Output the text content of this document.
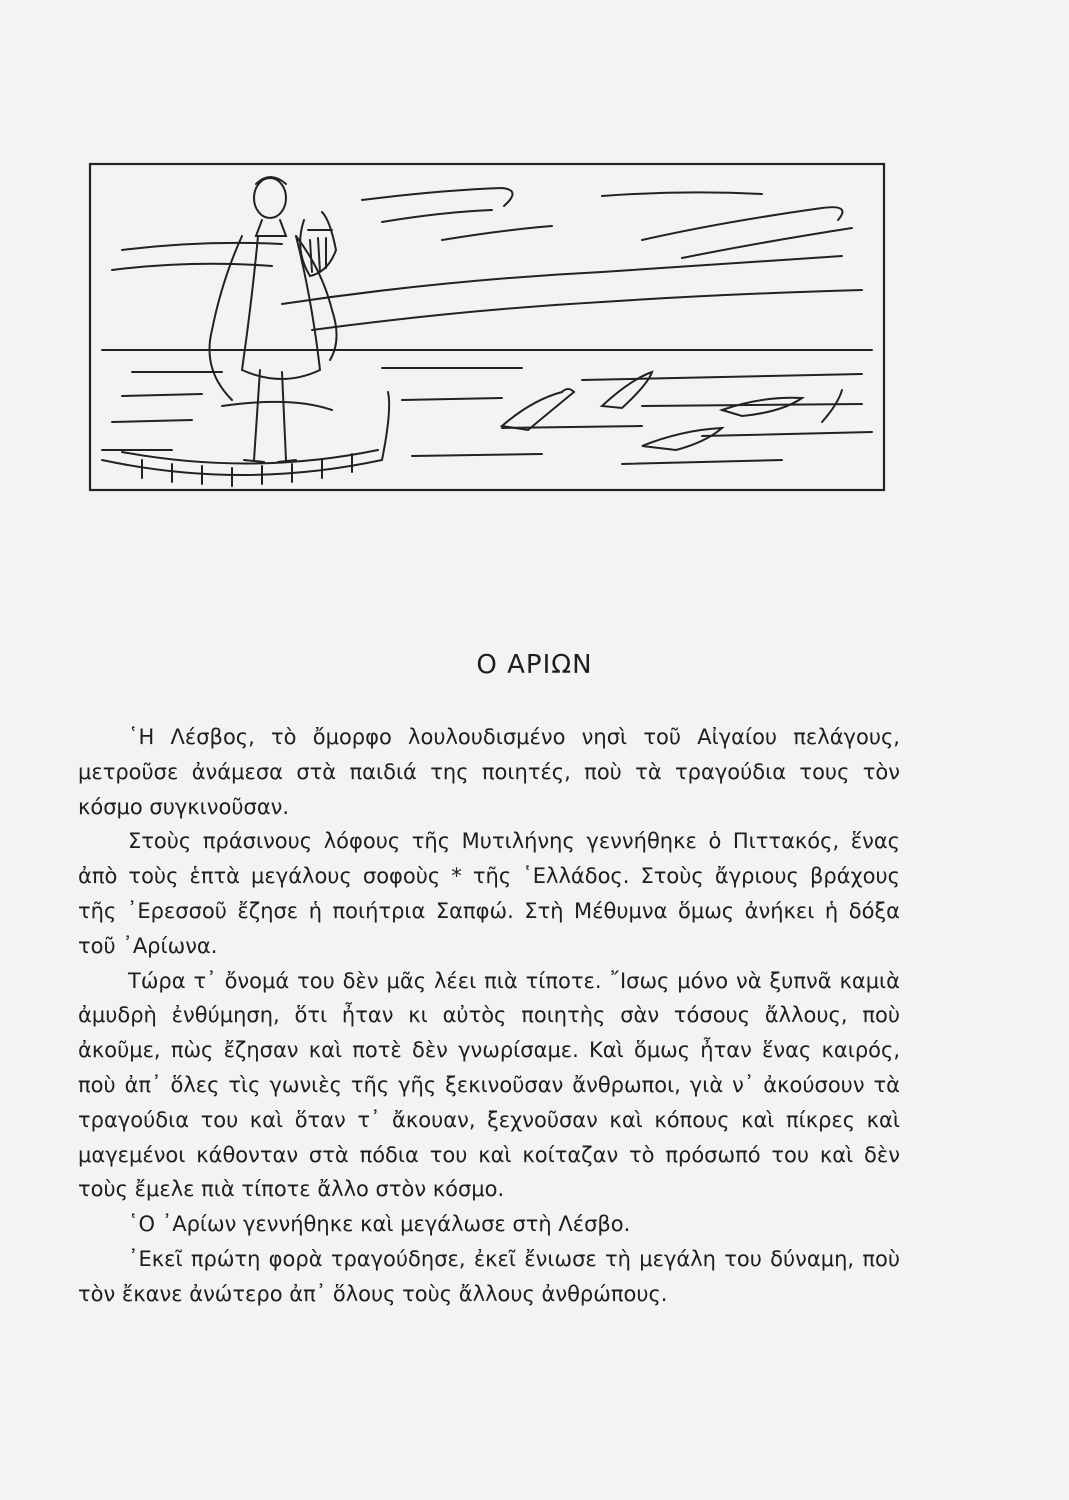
Ο ΑΡΙΩΝ

῾Η Λέσβος, τὸ ὄμορφο λουλουδισμένο νησὶ τοῦ Αἰγαίου πελάγους, μετροῦσε ἀνάμεσα στὰ παιδιά της ποιητές, ποὺ τὰ τραγούδια τους τὸν κόσμο συγκινοῦσαν.

Στοὺς πράσινους λόφους τῆς Μυτιλήνης γεννήθηκε ὁ Πιττακός, ἕνας ἀπὸ τοὺς ἑπτὰ μεγάλους σοφοὺς * τῆς ῾Ελλάδος. Στοὺς ἄγριους βράχους τῆς ᾿Ερεσσοῦ ἔζησε ἡ ποιήτρια Σαπφώ. Στὴ Μέθυμνα ὅμως ἀνήκει ἡ δόξα τοῦ ᾿Αρίωνα.

Τώρα τ᾿ ὄνομά του δὲν μᾶς λέει πιὰ τίποτε. ῎Ισως μόνο νὰ ξυπνᾶ καμιὰ ἀμυδρὴ ἐνθύμηση, ὅτι ἦταν κι αὐτὸς ποιητὴς σὰν τόσους ἄλλους, ποὺ ἀκοῦμε, πὼς ἔζησαν καὶ ποτὲ δὲν γνωρίσαμε. Καὶ ὅμως ἦταν ἕνας καιρός, ποὺ ἀπ᾿ ὅλες τὶς γωνιὲς τῆς γῆς ξεκινοῦσαν ἄνθρωποι, γιὰ ν᾿ ἀκούσουν τὰ τραγούδια του καὶ ὅταν τ᾿ ἄκουαν, ξεχνοῦσαν καὶ κόπους καὶ πίκρες καὶ μαγεμένοι κάθονταν στὰ πόδια του καὶ κοίταζαν τὸ πρόσωπό του καὶ δὲν τοὺς ἔμελε πιὰ τίποτε ἄλλο στὸν κόσμο.

῾Ο ᾿Αρίων γεννήθηκε καὶ μεγάλωσε στὴ Λέσβο.

᾿Εκεῖ πρώτη φορὰ τραγούδησε, ἐκεῖ ἔνιωσε τὴ μεγάλη του δύναμη, ποὺ τὸν ἔκανε ἀνώτερο ἀπ᾿ ὅλους τοὺς ἄλλους ἀνθρώπους.
